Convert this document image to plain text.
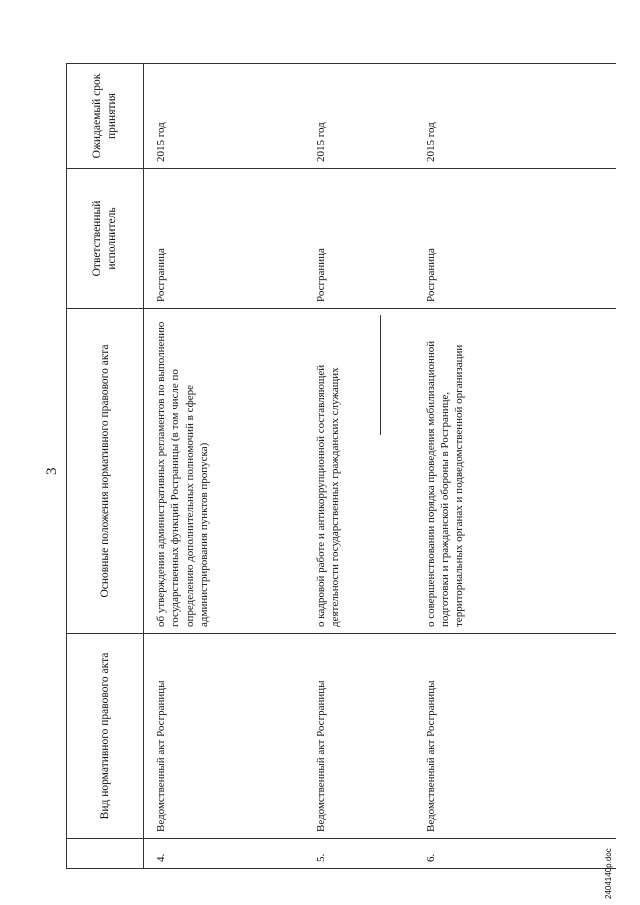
3
	Вид нормативного правового акта	Основные положения нормативного правового акта	Ответственный исполнитель	Ожидаемый срок принятия
4.	Ведомственный акт Росграницы	об утверждении административных регламентов по выполнению государственных функций Росграницы (в том числе по определению дополнительных полномочий в сфере администрирования пунктов пропуска)	Росграница	2015 год
5.	Ведомственный акт Росграницы	о кадровой работе и антикоррупционной составляющей деятельности государственных гражданских служащих	Росграница	2015 год
6.	Ведомственный акт Росграницы	о совершенствовании порядка проведения мобилизационной подготовки и гражданской обороны в Росгранице, территориальных органах и подведомственной организации	Росграница	2015 год
2404140p.doc
